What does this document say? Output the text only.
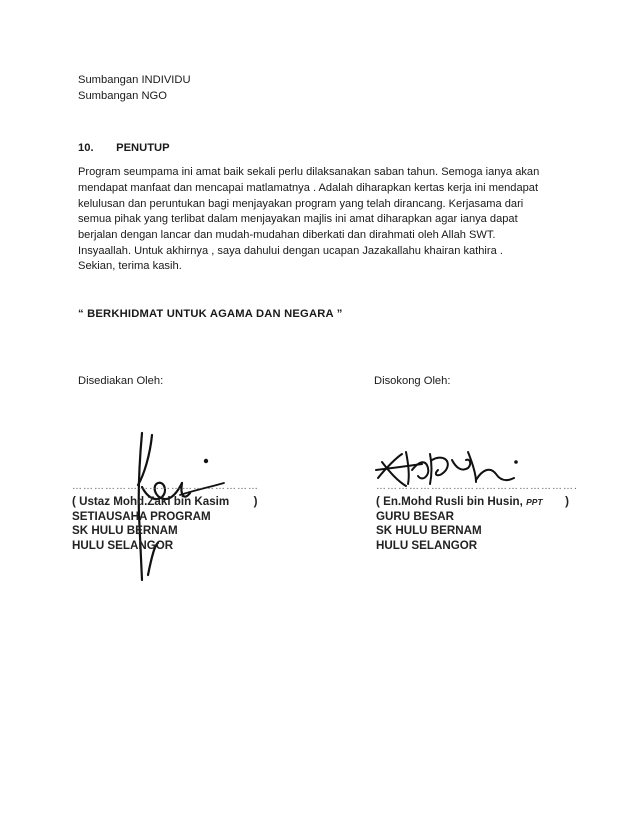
Sumbangan INDIVIDU
Sumbangan NGO
10. PENUTUP
Program seumpama ini amat baik sekali perlu dilaksanakan saban tahun. Semoga ianya akan
mendapat manfaat dan mencapai matlamatnya . Adalah diharapkan kertas kerja ini mendapat
kelulusan dan peruntukan bagi menjayakan program yang telah dirancang. Kerjasama dari
semua pihak yang terlibat dalam menjayakan majlis ini amat diharapkan agar ianya dapat
berjalan dengan lancar dan mudah-mudahan diberkati dan dirahmati oleh Allah SWT.
Insyaallah. Untuk akhirnya , saya dahului dengan ucapan Jazakallahu khairan kathira .
Sekian, terima kasih.
“ BERKHIDMAT UNTUK AGAMA DAN NEGARA ”
Disediakan Oleh:	Disokong Oleh:
……………………………………………
( Ustaz Mohd.Zaki bin Kasim )
SETIAUSAHA PROGRAM
SK HULU BERNAM
HULU SELANGOR
……………………………………………….
( En.Mohd Rusli bin Husin, PPT )
GURU BESAR
SK HULU BERNAM
HULU SELANGOR
